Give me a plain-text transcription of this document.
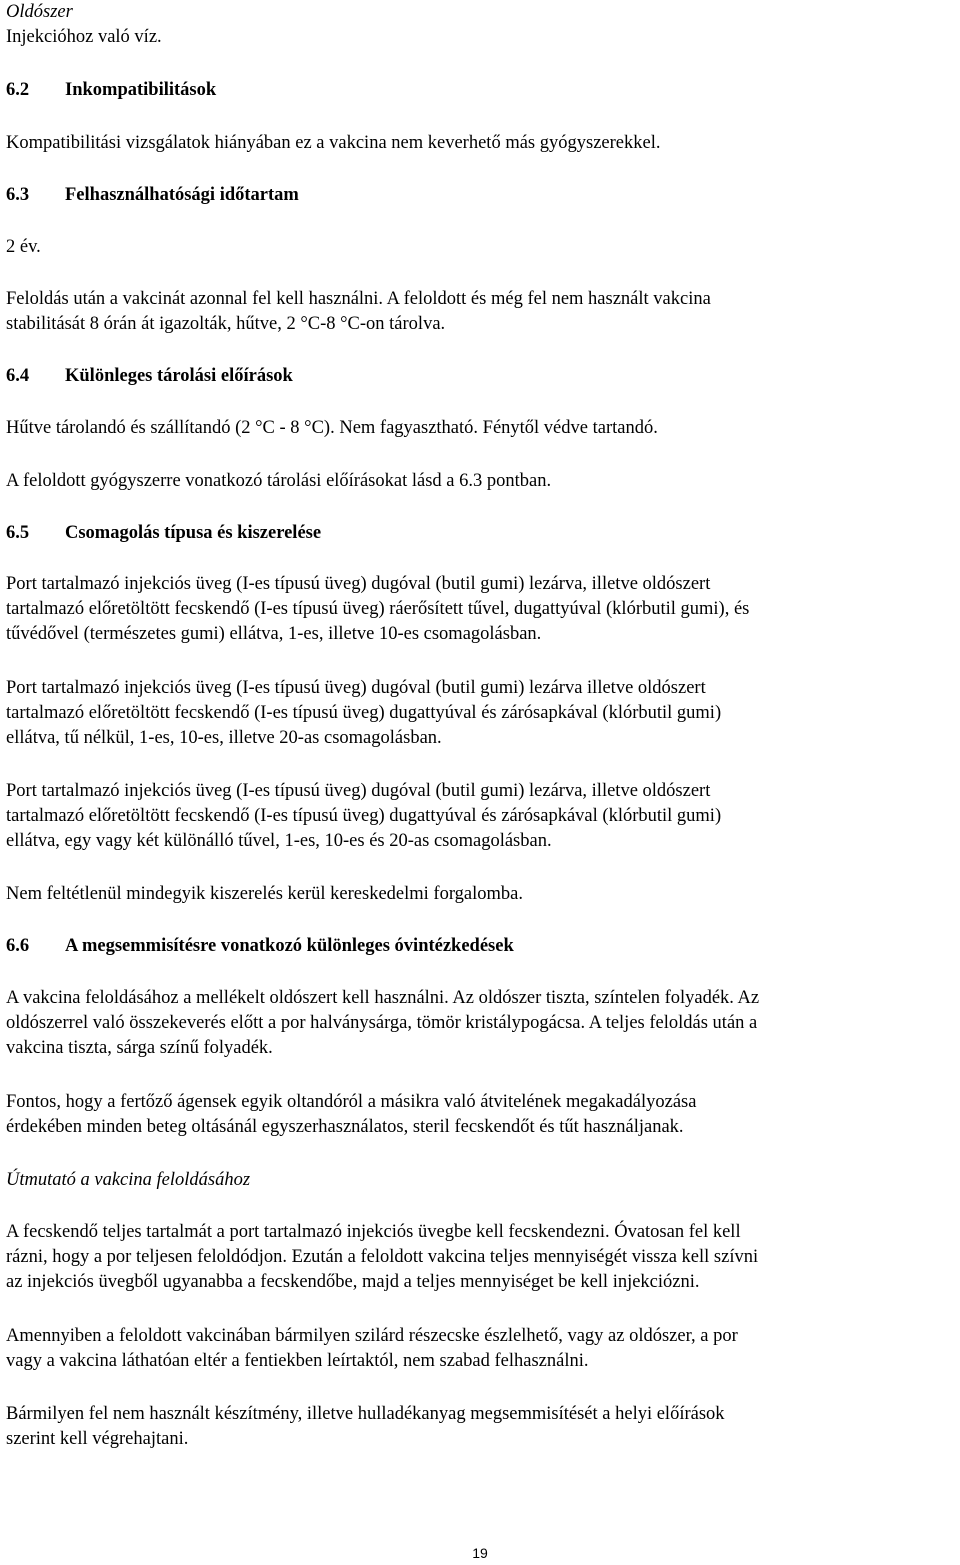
Oldószer
Injekcióhoz való víz.
6.2	Inkompatibilitások
Kompatibilitási vizsgálatok hiányában ez a vakcina nem keverhető más gyógyszerekkel.
6.3	Felhasználhatósági időtartam
2 év.
Feloldás után a vakcinát azonnal fel kell használni. A feloldott és még fel nem használt vakcina
stabilitását 8 órán át igazolták, hűtve, 2 °C-8 °C-on tárolva.
6.4	Különleges tárolási előírások
Hűtve tárolandó és szállítandó (2 °C - 8 °C). Nem fagyasztható. Fénytől védve tartandó.
A feloldott gyógyszerre vonatkozó tárolási előírásokat lásd a 6.3 pontban.
6.5	Csomagolás típusa és kiszerelése
Port tartalmazó injekciós üveg (I-es típusú üveg) dugóval (butil gumi) lezárva, illetve oldószert
tartalmazó előretöltött fecskendő (I-es típusú üveg) ráerősített tűvel, dugattyúval (klórbutil gumi), és
tűvédővel (természetes gumi) ellátva, 1-es, illetve 10-es csomagolásban.
Port tartalmazó injekciós üveg (I-es típusú üveg) dugóval (butil gumi) lezárva illetve oldószert
tartalmazó előretöltött fecskendő (I-es típusú üveg) dugattyúval és zárósapkával (klórbutil gumi)
ellátva, tű nélkül, 1-es, 10-es, illetve 20-as csomagolásban.
Port tartalmazó injekciós üveg (I-es típusú üveg) dugóval (butil gumi) lezárva, illetve oldószert
tartalmazó előretöltött fecskendő (I-es típusú üveg) dugattyúval és zárósapkával (klórbutil gumi)
ellátva, egy vagy két különálló tűvel, 1-es, 10-es és 20-as csomagolásban.
Nem feltétlenül mindegyik kiszerelés kerül kereskedelmi forgalomba.
6.6	A megsemmisítésre vonatkozó különleges óvintézkedések
A vakcina feloldásához a mellékelt oldószert kell használni. Az oldószer tiszta, színtelen folyadék. Az
oldószerrel való összekeverés előtt a por halványsárga, tömör kristálypogácsa. A teljes feloldás után a
vakcina tiszta, sárga színű folyadék.
Fontos, hogy a fertőző ágensek egyik oltandóról a másikra való átvitelének megakadályozása
érdekében minden beteg oltásánál egyszerhasználatos, steril fecskendőt és tűt használjanak.
Útmutató a vakcina feloldásához
A fecskendő teljes tartalmát a port tartalmazó injekciós üvegbe kell fecskendezni. Óvatosan fel kell
rázni, hogy a por teljesen feloldódjon. Ezután a feloldott vakcina teljes mennyiségét vissza kell szívni
az injekciós üvegből ugyanabba a fecskendőbe, majd a teljes mennyiséget be kell injekciózni.
Amennyiben a feloldott vakcinában bármilyen szilárd részecske észlelhető, vagy az oldószer, a por
vagy a vakcina láthatóan eltér a fentiekben leírtaktól, nem szabad felhasználni.
Bármilyen fel nem használt készítmény, illetve hulladékanyag megsemmisítését a helyi előírások
szerint kell végrehajtani.
19
